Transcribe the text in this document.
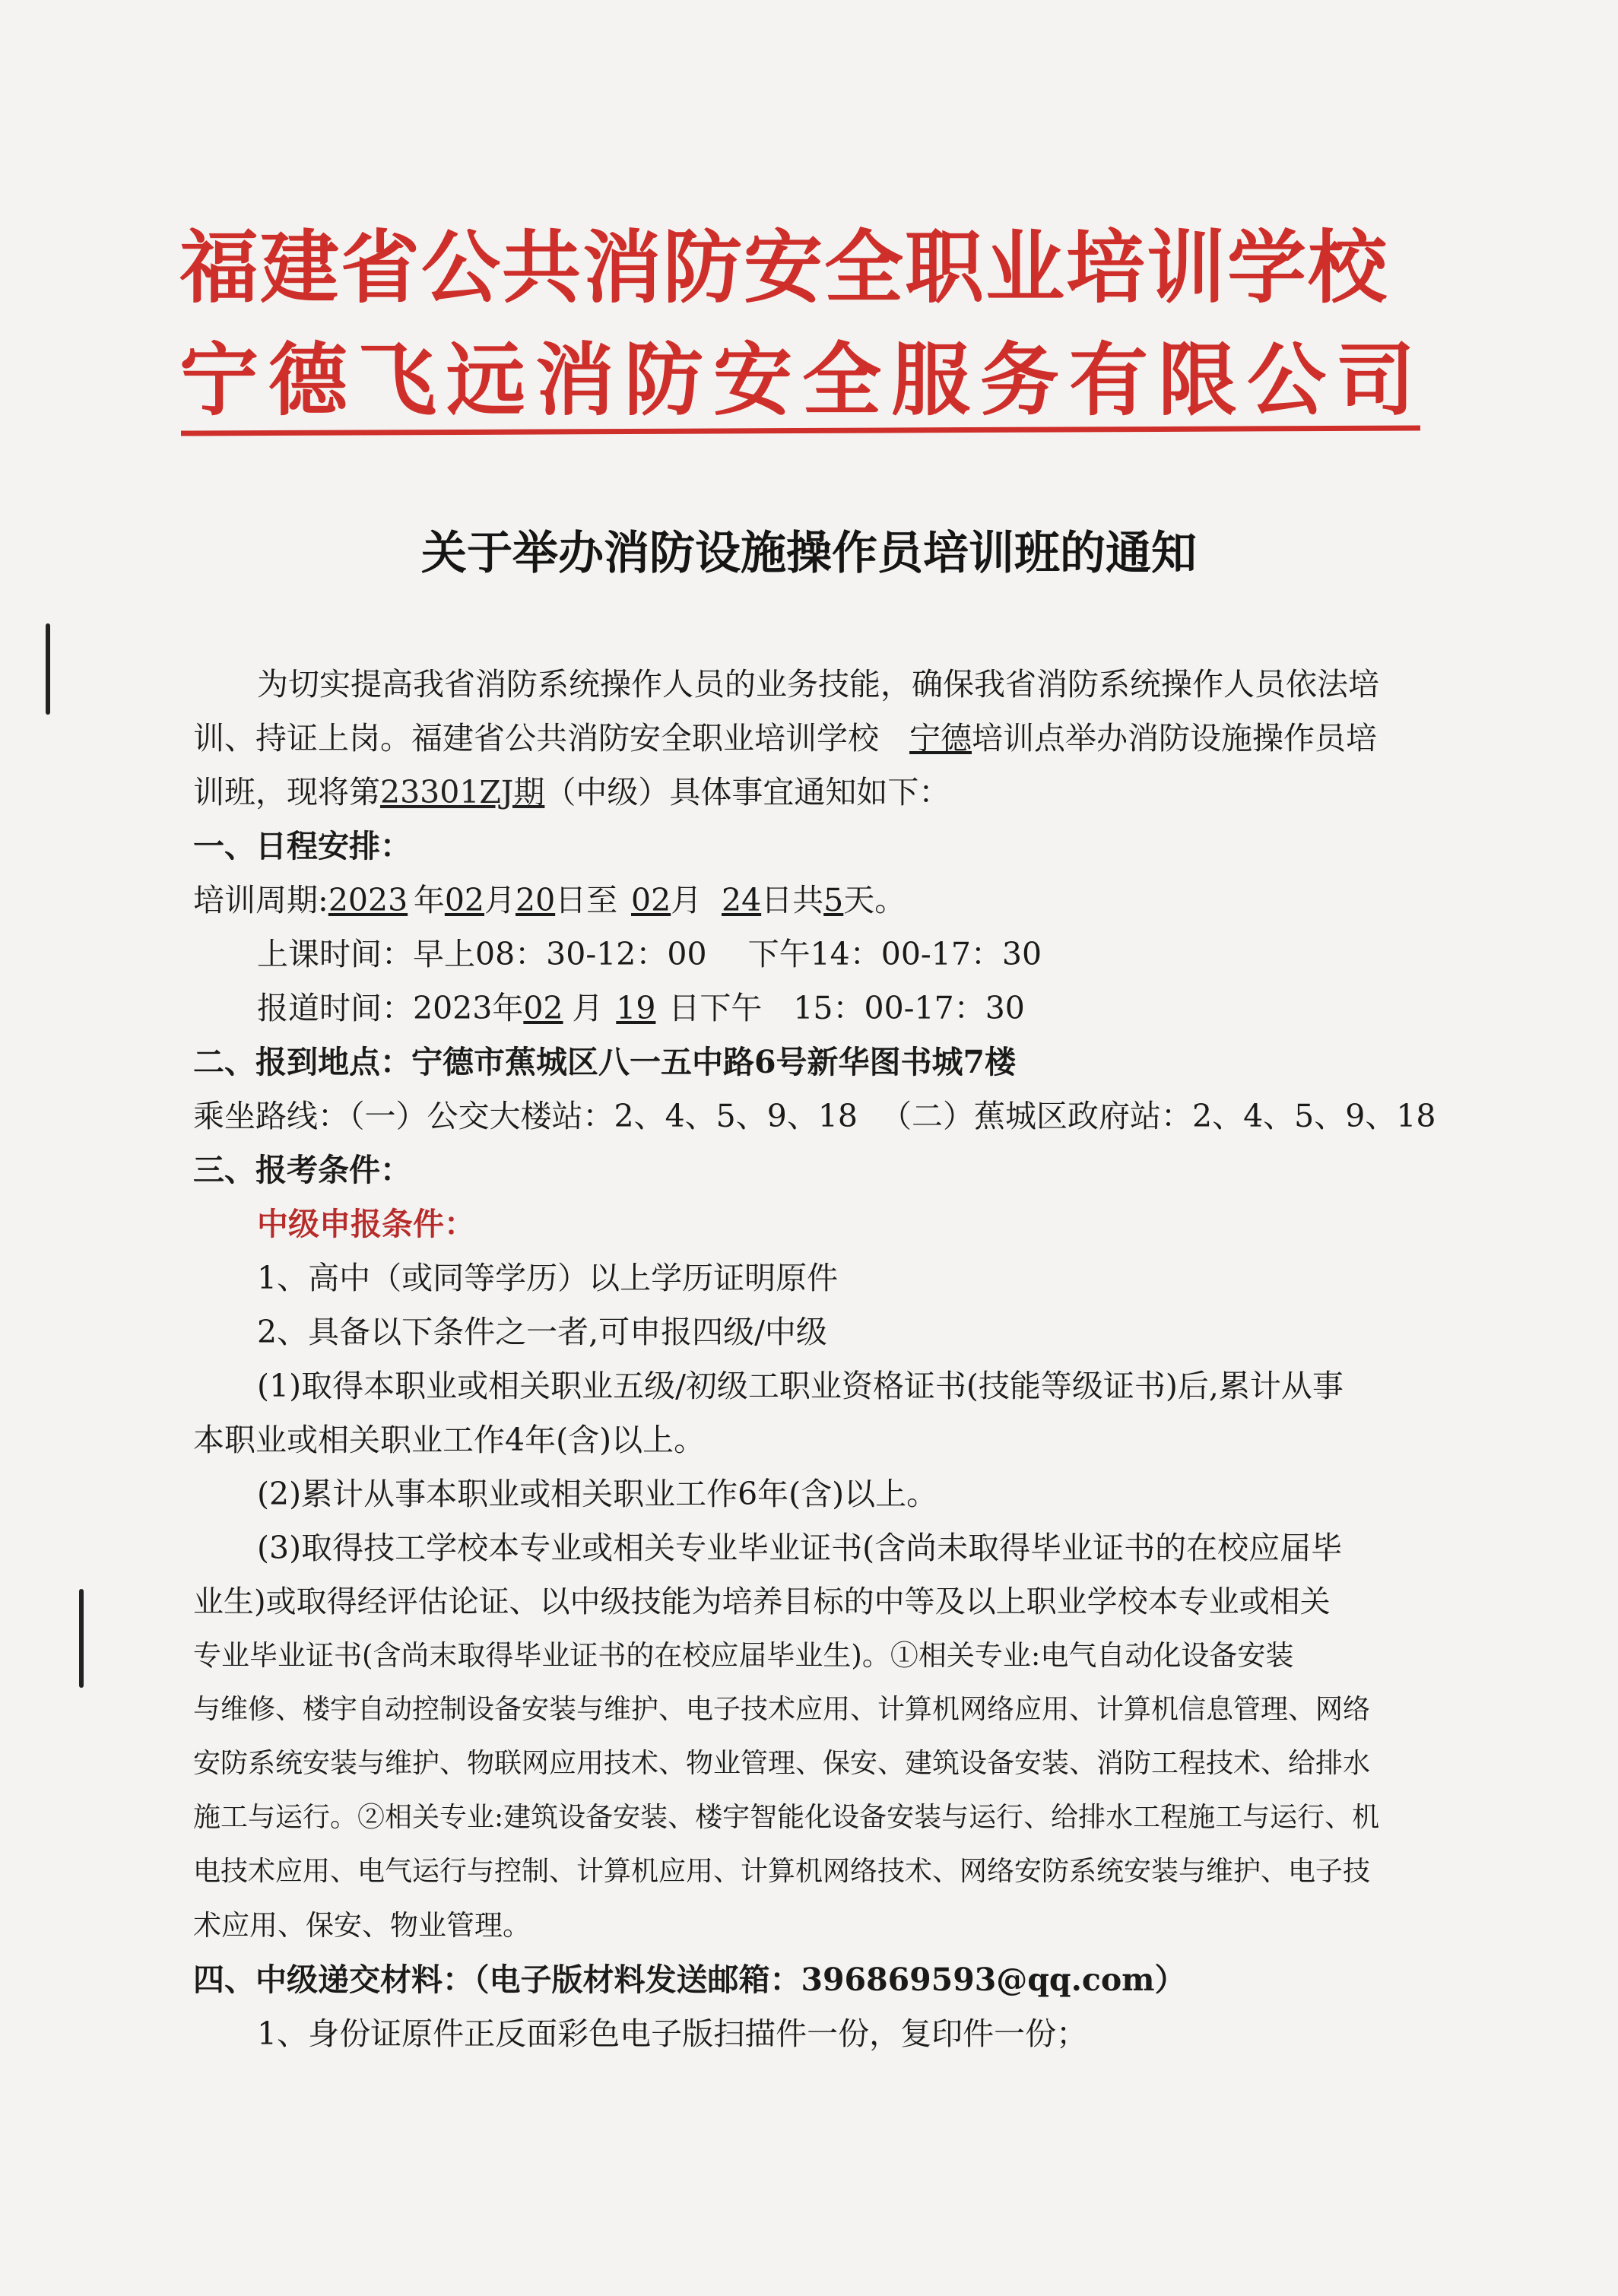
福建省公共消防安全职业培训学校
宁德飞远消防安全服务有限公司
关于举办消防设施操作员培训班的通知
为切实提高我省消防系统操作人员的业务技能，确保我省消防系统操作人员依法培
训、持证上岗。福建省公共消防安全职业培训学校 宁德培训点举办消防设施操作员培
训班，现将第23301ZJ期（中级）具体事宜通知如下：
一、日程安排：
培训周期:2023 年02月20日至 02月 24日共5天。
上课时间：早上08：30-12：00　 下午14：00-17：30
报道时间：2023年02 月 19 日下午　15：00-17：30
二、报到地点：宁德市蕉城区八一五中路6号新华图书城7楼
乘坐路线：（一）公交大楼站：2、4、5、9、18 （二）蕉城区政府站：2、4、5、9、18
三、报考条件：
中级申报条件：
1、高中（或同等学历）以上学历证明原件
2、具备以下条件之一者,可申报四级/中级
(1)取得本职业或相关职业五级/初级工职业资格证书(技能等级证书)后,累计从事
本职业或相关职业工作4年(含)以上。
(2)累计从事本职业或相关职业工作6年(含)以上。
(3)取得技工学校本专业或相关专业毕业证书(含尚未取得毕业证书的在校应届毕
业生)或取得经评估论证、以中级技能为培养目标的中等及以上职业学校本专业或相关
专业毕业证书(含尚末取得毕业证书的在校应届毕业生)。①相关专业:电气自动化设备安装
与维修、楼宇自动控制设备安装与维护、电子技术应用、计算机网络应用、计算机信息管理、网络
安防系统安装与维护、物联网应用技术、物业管理、保安、建筑设备安装、消防工程技术、给排水
施工与运行。②相关专业:建筑设备安装、楼宇智能化设备安装与运行、给排水工程施工与运行、机
电技术应用、电气运行与控制、计算机应用、计算机网络技术、网络安防系统安装与维护、电子技
术应用、保安、物业管理。
四、中级递交材料：（电子版材料发送邮箱：396869593@qq.com）
1、身份证原件正反面彩色电子版扫描件一份，复印件一份；
